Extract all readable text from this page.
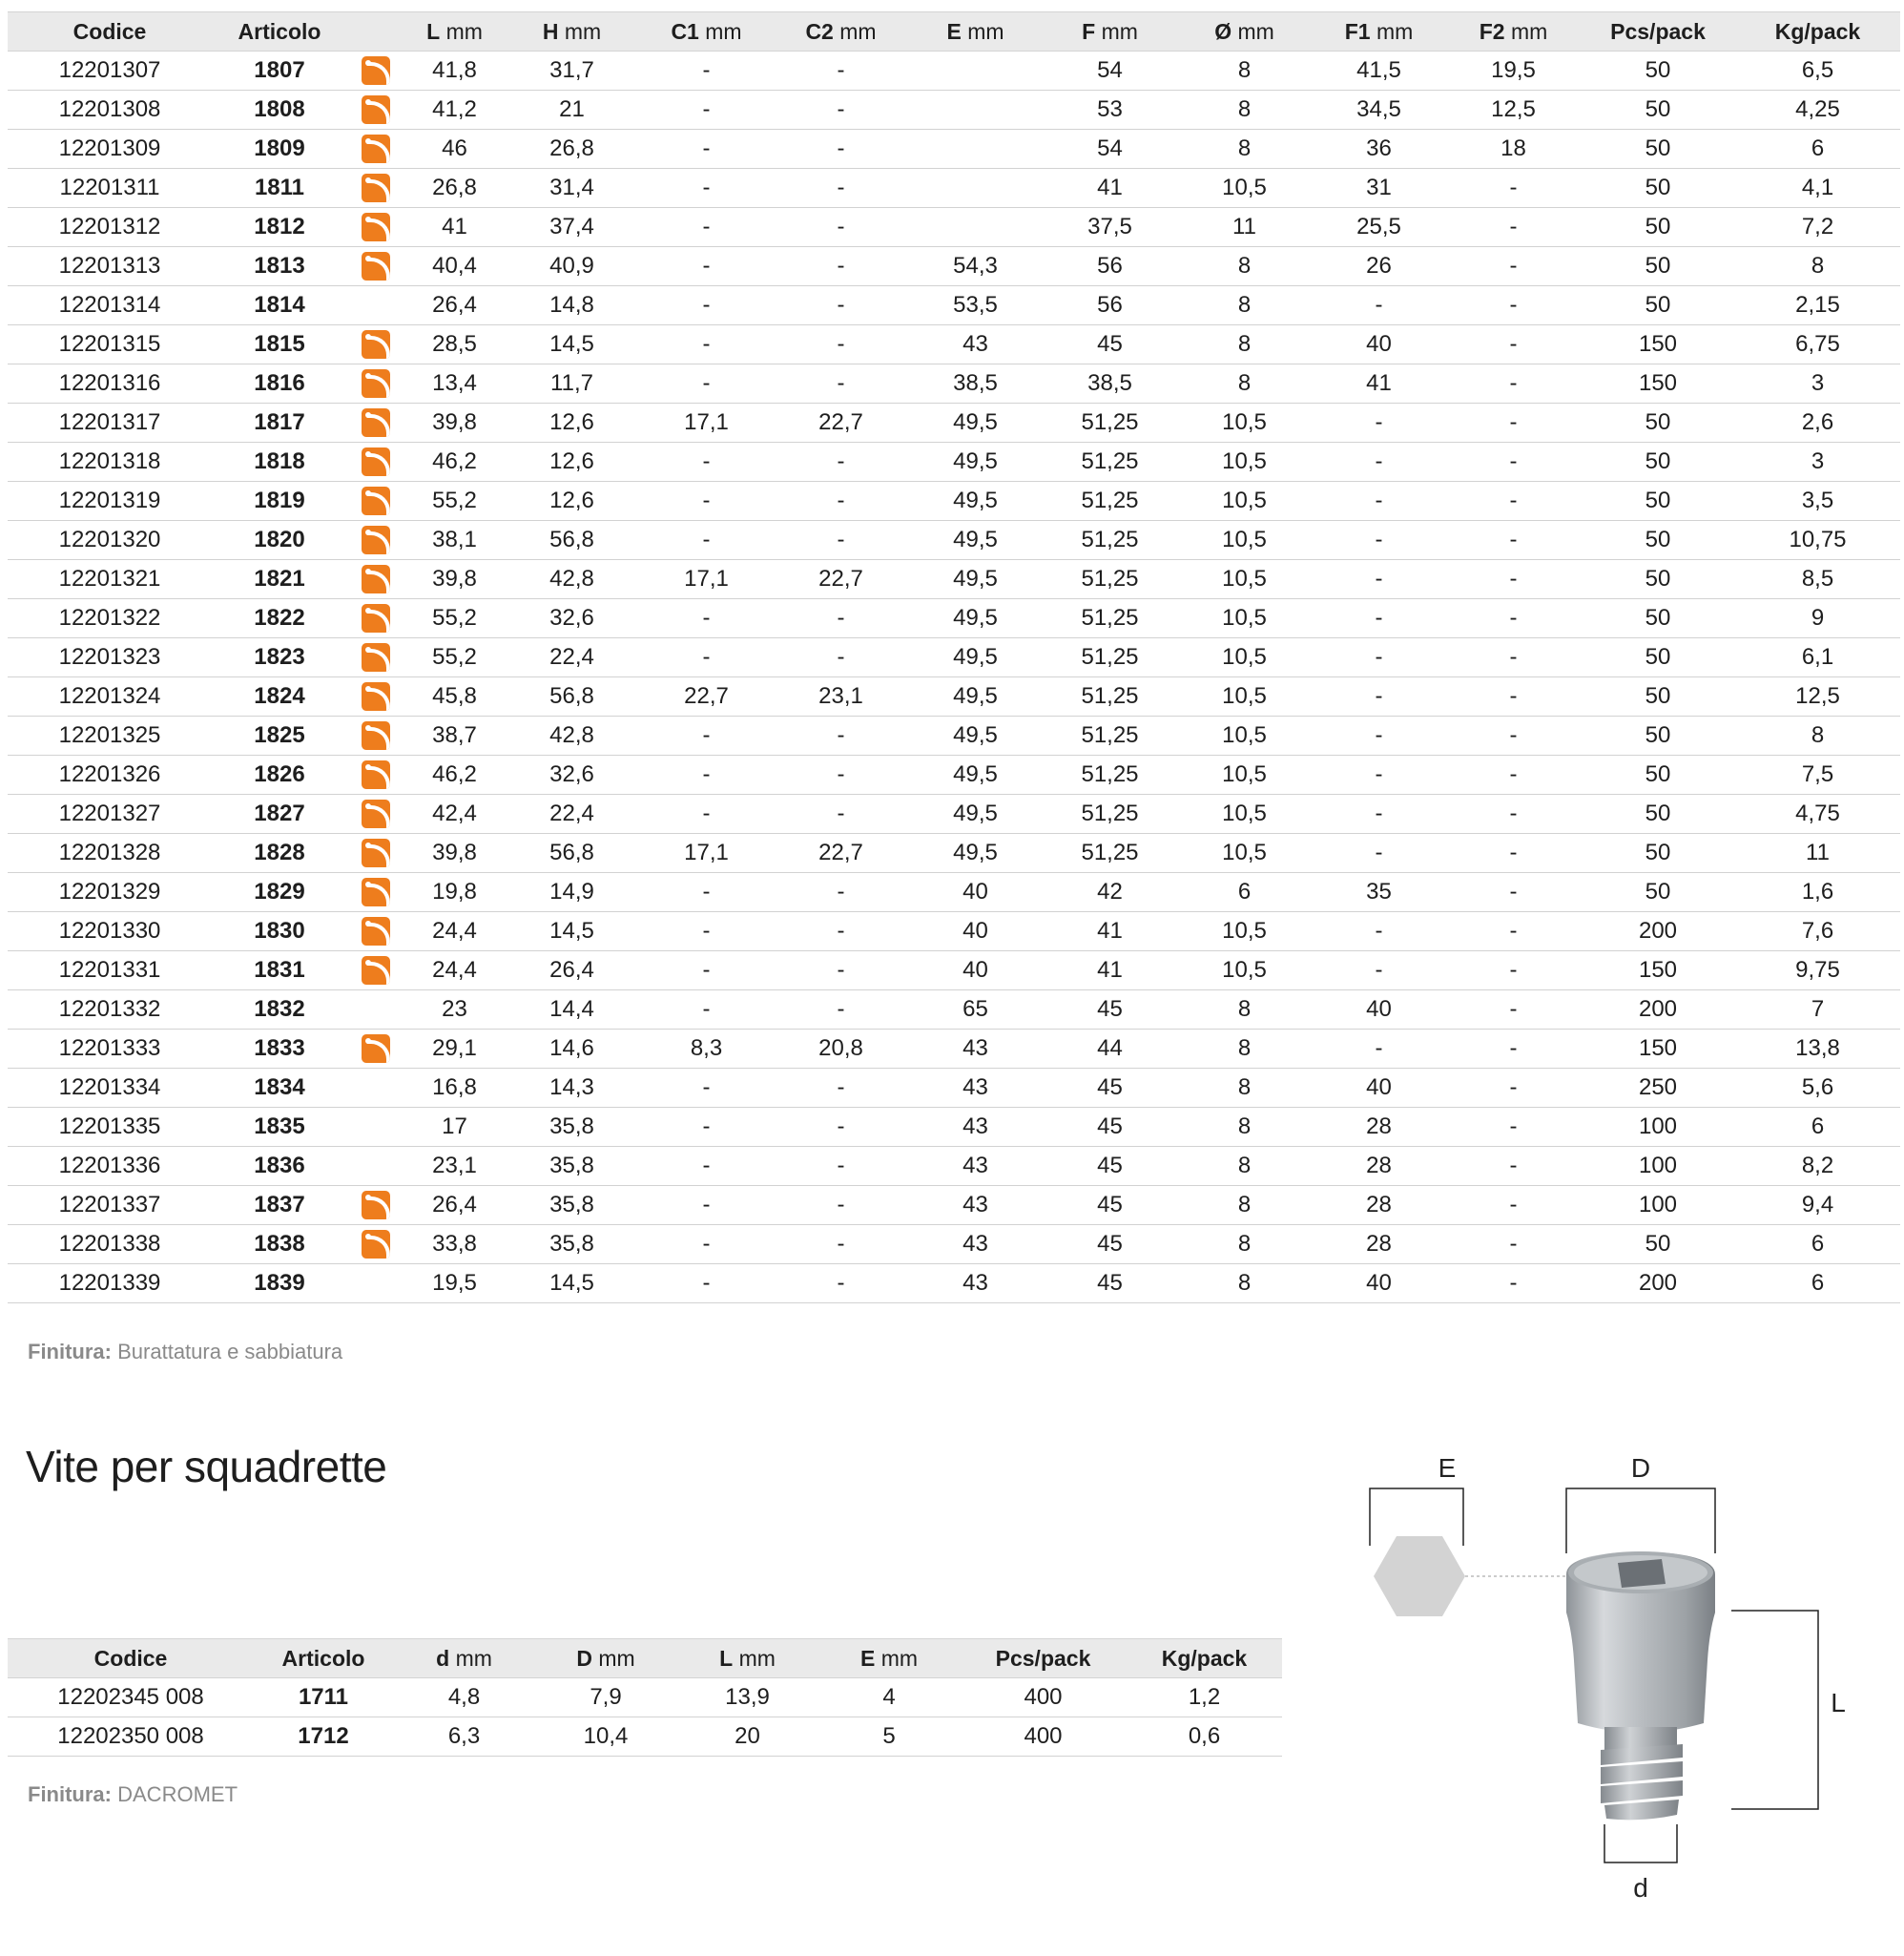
Codice	Articolo		L mm	H mm	C1 mm	C2 mm	E mm	F mm	Ø mm	F1 mm	F2 mm	Pcs/pack	Kg/pack
12201307	1807		41,8	31,7	-	-		54	8	41,5	19,5	50	6,5
12201308	1808		41,2	21	-	-		53	8	34,5	12,5	50	4,25
12201309	1809		46	26,8	-	-		54	8	36	18	50	6
12201311	1811		26,8	31,4	-	-		41	10,5	31	-	50	4,1
12201312	1812		41	37,4	-	-		37,5	11	25,5	-	50	7,2
12201313	1813		40,4	40,9	-	-	54,3	56	8	26	-	50	8
12201314	1814		26,4	14,8	-	-	53,5	56	8	-	-	50	2,15
12201315	1815		28,5	14,5	-	-	43	45	8	40	-	150	6,75
12201316	1816		13,4	11,7	-	-	38,5	38,5	8	41	-	150	3
12201317	1817		39,8	12,6	17,1	22,7	49,5	51,25	10,5	-	-	50	2,6
12201318	1818		46,2	12,6	-	-	49,5	51,25	10,5	-	-	50	3
12201319	1819		55,2	12,6	-	-	49,5	51,25	10,5	-	-	50	3,5
12201320	1820		38,1	56,8	-	-	49,5	51,25	10,5	-	-	50	10,75
12201321	1821		39,8	42,8	17,1	22,7	49,5	51,25	10,5	-	-	50	8,5
12201322	1822		55,2	32,6	-	-	49,5	51,25	10,5	-	-	50	9
12201323	1823		55,2	22,4	-	-	49,5	51,25	10,5	-	-	50	6,1
12201324	1824		45,8	56,8	22,7	23,1	49,5	51,25	10,5	-	-	50	12,5
12201325	1825		38,7	42,8	-	-	49,5	51,25	10,5	-	-	50	8
12201326	1826		46,2	32,6	-	-	49,5	51,25	10,5	-	-	50	7,5
12201327	1827		42,4	22,4	-	-	49,5	51,25	10,5	-	-	50	4,75
12201328	1828		39,8	56,8	17,1	22,7	49,5	51,25	10,5	-	-	50	11
12201329	1829		19,8	14,9	-	-	40	42	6	35	-	50	1,6
12201330	1830		24,4	14,5	-	-	40	41	10,5	-	-	200	7,6
12201331	1831		24,4	26,4	-	-	40	41	10,5	-	-	150	9,75
12201332	1832		23	14,4	-	-	65	45	8	40	-	200	7
12201333	1833		29,1	14,6	8,3	20,8	43	44	8	-	-	150	13,8
12201334	1834		16,8	14,3	-	-	43	45	8	40	-	250	5,6
12201335	1835		17	35,8	-	-	43	45	8	28	-	100	6
12201336	1836		23,1	35,8	-	-	43	45	8	28	-	100	8,2
12201337	1837		26,4	35,8	-	-	43	45	8	28	-	100	9,4
12201338	1838		33,8	35,8	-	-	43	45	8	28	-	50	6
12201339	1839		19,5	14,5	-	-	43	45	8	40	-	200	6
Finitura: Burattatura e sabbiatura
Vite per squadrette
Codice	Articolo	d mm	D mm	L mm	E mm	Pcs/pack	Kg/pack
12202345 008	1711	4,8	7,9	13,9	4	400	1,2
12202350 008	1712	6,3	10,4	20	5	400	0,6
Finitura: DACROMET
E	D
L
d
